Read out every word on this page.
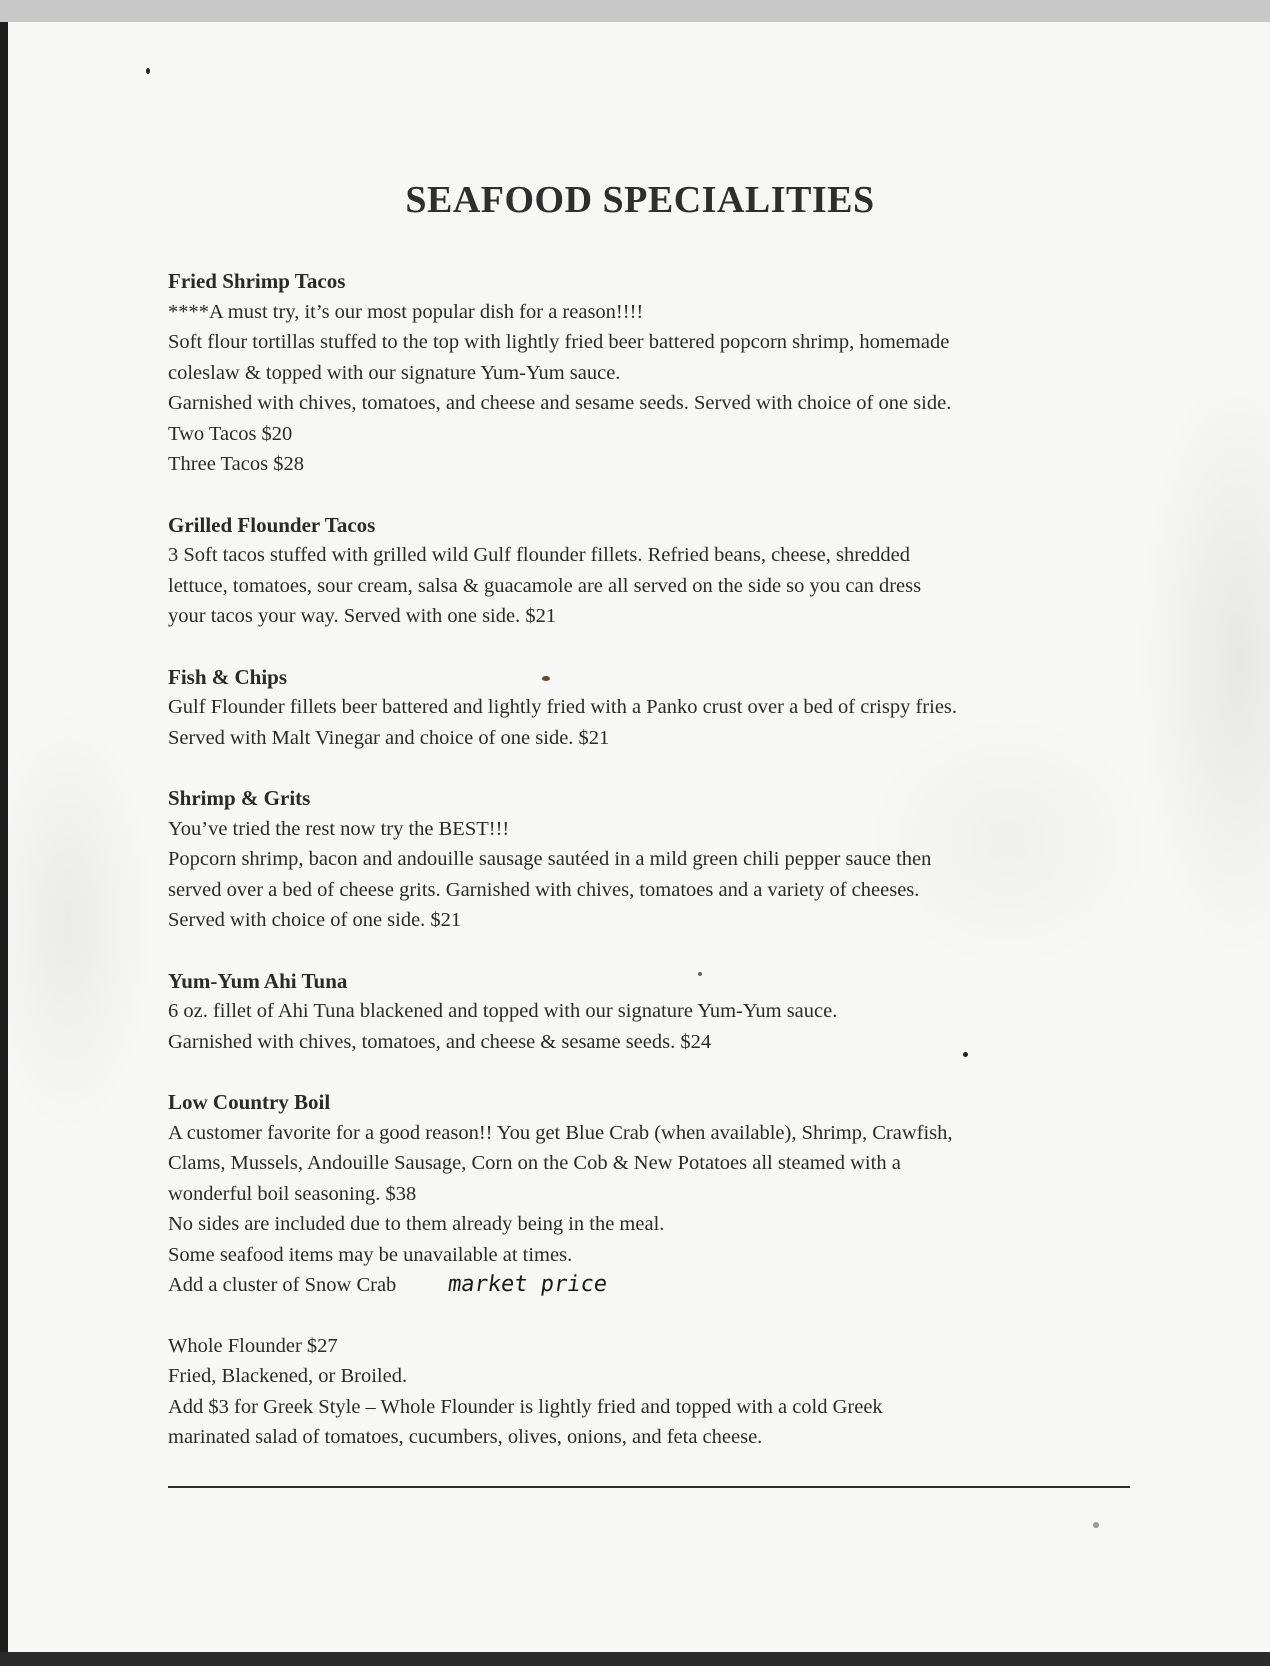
SEAFOOD SPECIALITIES

Fried Shrimp Tacos

****A must try, it’s our most popular dish for a reason!!!!

Soft flour tortillas stuffed to the top with lightly fried beer battered popcorn shrimp, homemade

coleslaw & topped with our signature Yum-Yum sauce.

Garnished with chives, tomatoes, and cheese and sesame seeds. Served with choice of one side.

Two Tacos $20

Three Tacos $28

Grilled Flounder Tacos

3 Soft tacos stuffed with grilled wild Gulf flounder fillets. Refried beans, cheese, shredded

lettuce, tomatoes, sour cream, salsa & guacamole are all served on the side so you can dress

your tacos your way. Served with one side. $21

Fish & Chips

Gulf Flounder fillets beer battered and lightly fried with a Panko crust over a bed of crispy fries.

Served with Malt Vinegar and choice of one side. $21

Shrimp & Grits

You’ve tried the rest now try the BEST!!!

Popcorn shrimp, bacon and andouille sausage sautéed in a mild green chili pepper sauce then

served over a bed of cheese grits. Garnished with chives, tomatoes and a variety of cheeses.

Served with choice of one side. $21

Yum-Yum Ahi Tuna

6 oz. fillet of Ahi Tuna blackened and topped with our signature Yum-Yum sauce.

Garnished with chives, tomatoes, and cheese & sesame seeds. $24

Low Country Boil

A customer favorite for a good reason!! You get Blue Crab (when available), Shrimp, Crawfish,

Clams, Mussels, Andouille Sausage, Corn on the Cob & New Potatoes all steamed with a

wonderful boil seasoning. $38

No sides are included due to them already being in the meal.

Some seafood items may be unavailable at times.

Add a cluster of Snow Crab market price

Whole Flounder $27

Fried, Blackened, or Broiled.

Add $3 for Greek Style – Whole Flounder is lightly fried and topped with a cold Greek

marinated salad of tomatoes, cucumbers, olives, onions, and feta cheese.
